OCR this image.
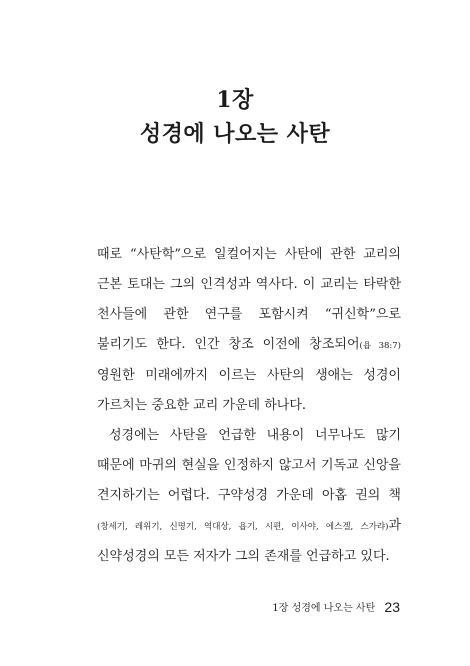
1장
성경에 나오는 사탄

때로 “사탄학”으로 일컬어지는 사탄에 관한 교리의 근본 토대는 그의 인격성과 역사다. 이 교리는 타락한 천사들에 관한 연구를 포함시켜 “귀신학”으로 불리기도 한다. 인간 창조 이전에 창조되어(욥 38:7) 영원한 미래에까지 이르는 사탄의 생애는 성경이 가르치는 중요한 교리 가운데 하나다.

성경에는 사탄을 언급한 내용이 너무나도 많기 때문에 마귀의 현실을 인정하지 않고서 기독교 신앙을 견지하기는 어렵다. 구약성경 가운데 아홉 권의 책(창세기, 레위기, 신명기, 역대상, 욥기, 시편, 이사야, 에스겔, 스가랴)과 신약성경의 모든 저자가 그의 존재를 언급하고 있다.

1장 성경에 나오는 사탄 23
